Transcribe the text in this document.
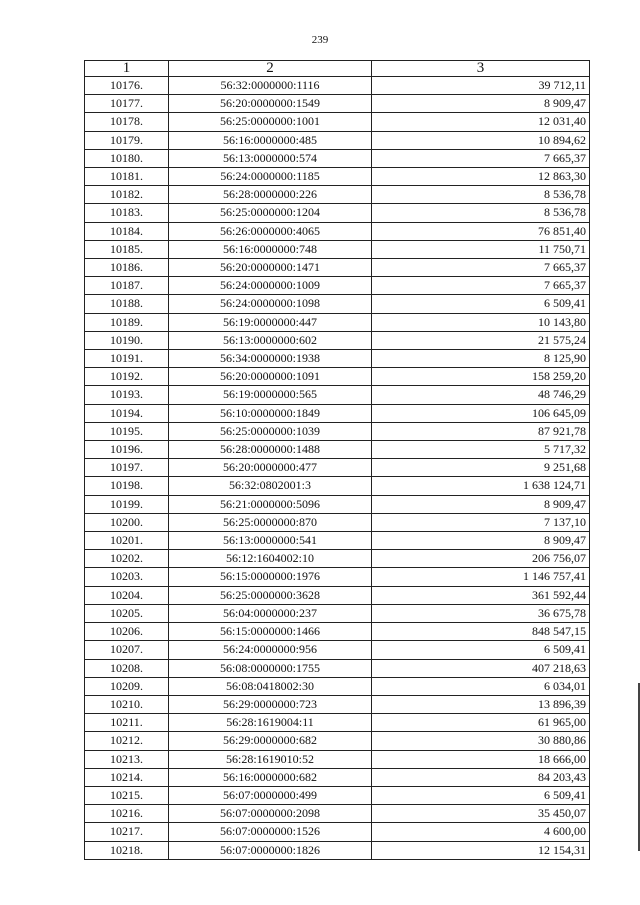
239
1	2	3
10176.	56:32:0000000:1116	39 712,11
10177.	56:20:0000000:1549	8 909,47
10178.	56:25:0000000:1001	12 031,40
10179.	56:16:0000000:485	10 894,62
10180.	56:13:0000000:574	7 665,37
10181.	56:24:0000000:1185	12 863,30
10182.	56:28:0000000:226	8 536,78
10183.	56:25:0000000:1204	8 536,78
10184.	56:26:0000000:4065	76 851,40
10185.	56:16:0000000:748	11 750,71
10186.	56:20:0000000:1471	7 665,37
10187.	56:24:0000000:1009	7 665,37
10188.	56:24:0000000:1098	6 509,41
10189.	56:19:0000000:447	10 143,80
10190.	56:13:0000000:602	21 575,24
10191.	56:34:0000000:1938	8 125,90
10192.	56:20:0000000:1091	158 259,20
10193.	56:19:0000000:565	48 746,29
10194.	56:10:0000000:1849	106 645,09
10195.	56:25:0000000:1039	87 921,78
10196.	56:28:0000000:1488	5 717,32
10197.	56:20:0000000:477	9 251,68
10198.	56:32:0802001:3	1 638 124,71
10199.	56:21:0000000:5096	8 909,47
10200.	56:25:0000000:870	7 137,10
10201.	56:13:0000000:541	8 909,47
10202.	56:12:1604002:10	206 756,07
10203.	56:15:0000000:1976	1 146 757,41
10204.	56:25:0000000:3628	361 592,44
10205.	56:04:0000000:237	36 675,78
10206.	56:15:0000000:1466	848 547,15
10207.	56:24:0000000:956	6 509,41
10208.	56:08:0000000:1755	407 218,63
10209.	56:08:0418002:30	6 034,01
10210.	56:29:0000000:723	13 896,39
10211.	56:28:1619004:11	61 965,00
10212.	56:29:0000000:682	30 880,86
10213.	56:28:1619010:52	18 666,00
10214.	56:16:0000000:682	84 203,43
10215.	56:07:0000000:499	6 509,41
10216.	56:07:0000000:2098	35 450,07
10217.	56:07:0000000:1526	4 600,00
10218.	56:07:0000000:1826	12 154,31
